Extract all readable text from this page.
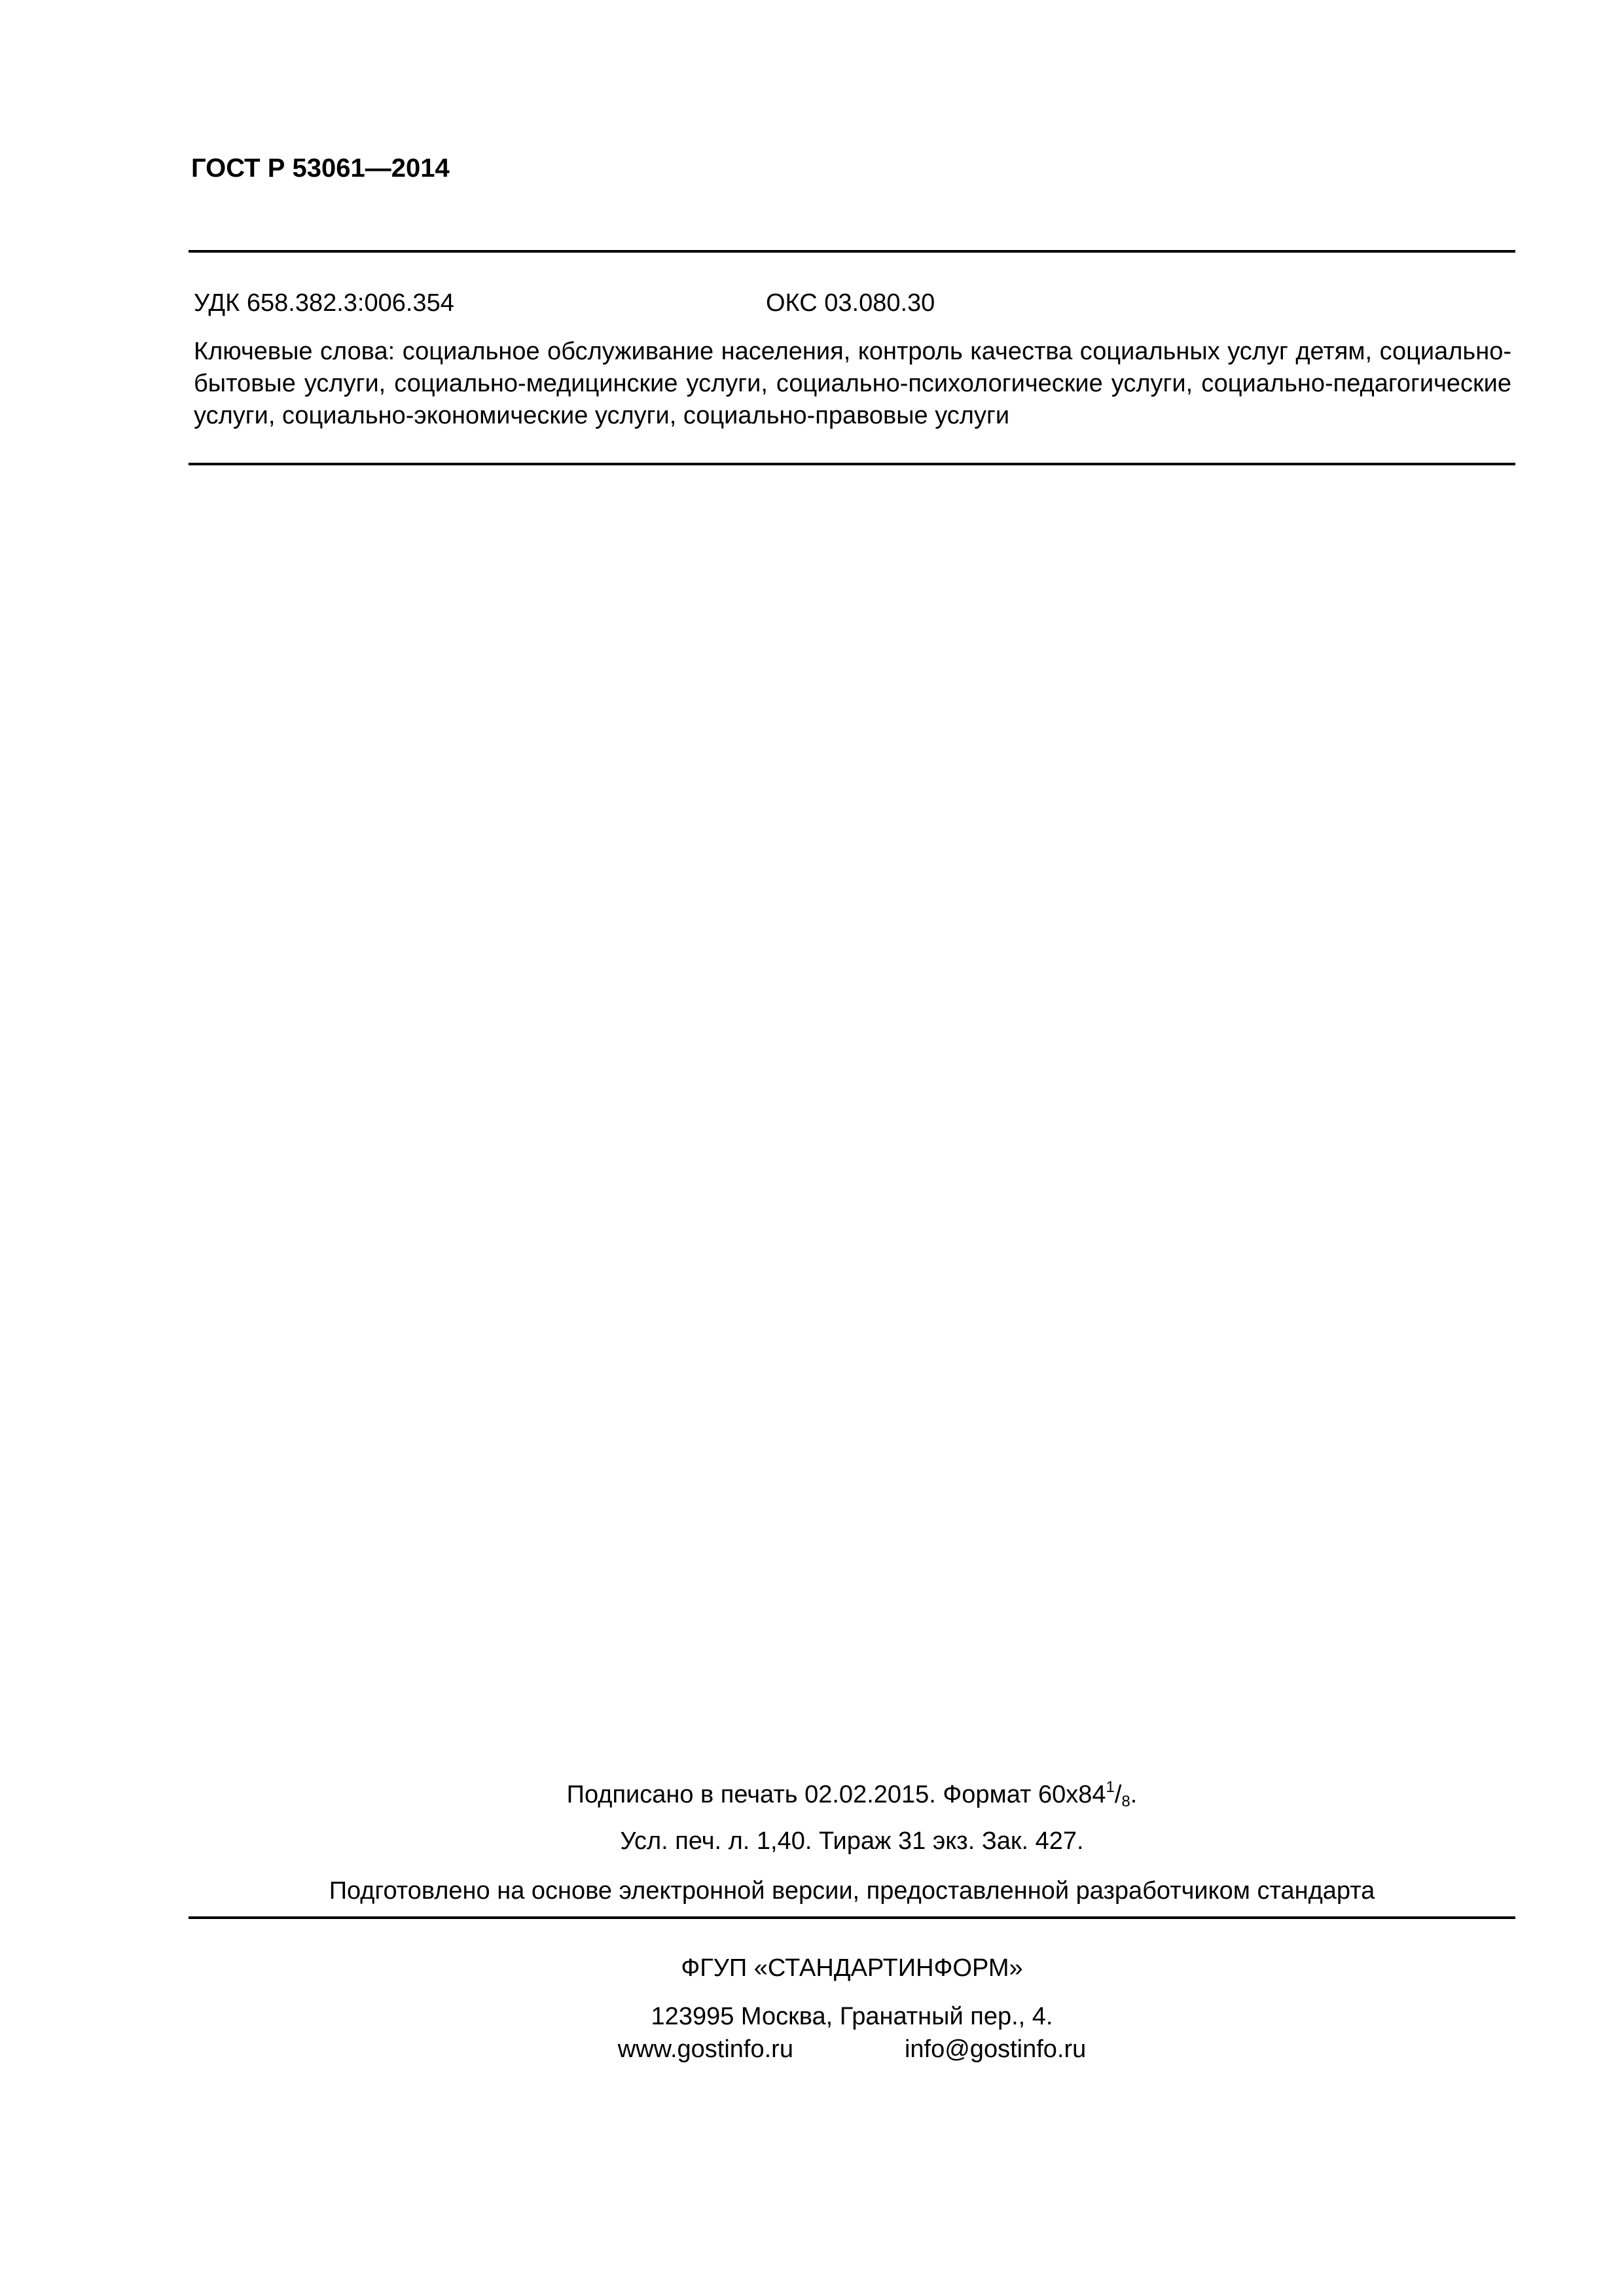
ГОСТ Р 53061—2014
УДК 658.382.3:006.354	ОКС 03.080.30
Ключевые слова: социальное обслуживание населения, контроль качества социальных услуг детям, социально-бытовые услуги, социально-медицинские услуги, социально-психологические услуги, социально-педагогические услуги, социально-экономические услуги, социально-правовые услуги
Подписано в печать 02.02.2015. Формат $60x84^1/_8$.
Усл. печ. л. 1,40. Тираж 31 экз. Зак. 427.
Подготовлено на основе электронной версии, предоставленной разработчиком стандарта
ФГУП «СТАНДАРТИНФОРМ»
123995 Москва, Гранатный пер., 4.
www.gostinfo.ru	info@gostinfo.ru
